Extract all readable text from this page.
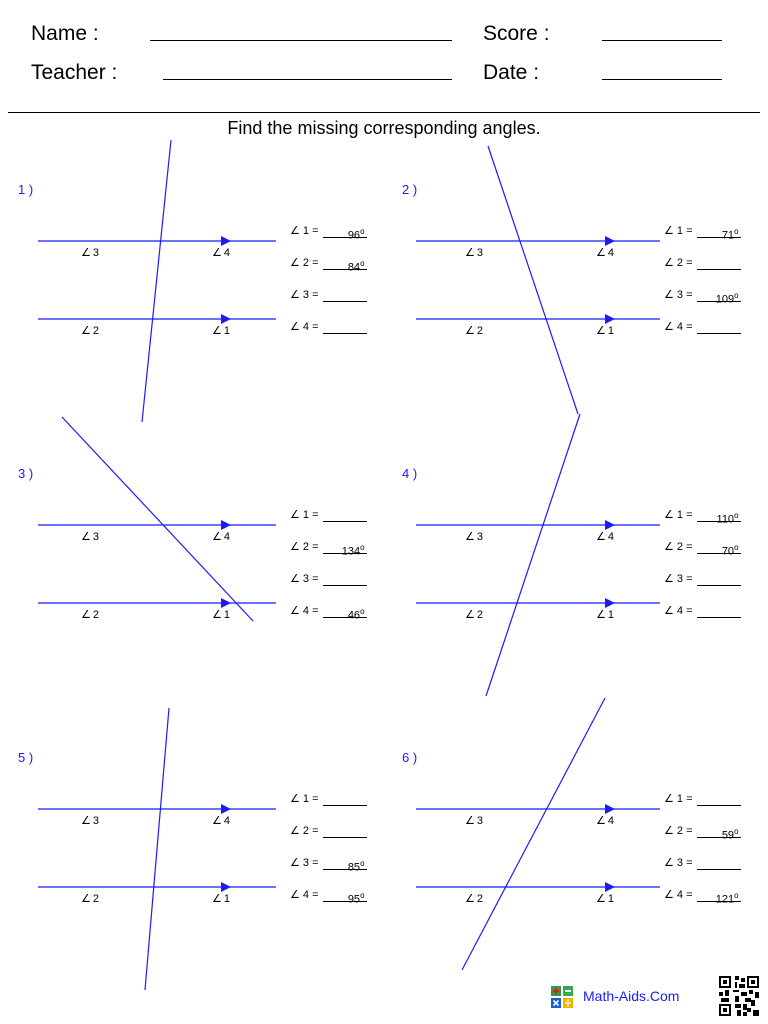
Name :
Teacher :
Score :
Date :
Find the missing corresponding angles.
1 )
∠ 3	∠ 4
∠ 2	∠ 1
∠ 1 =	$96^o$
∠ 2 =	$84^o$
∠ 3 =
∠ 4 =
2 )
∠ 3	∠ 4
∠ 2	∠ 1
∠ 1 =	$71^o$
∠ 2 =
∠ $3 = 109^o$
∠ 4 =
3 )
∠ 3	∠ 4
∠ 2	∠ 1
∠ 1 =
∠ $2 = 134^o$
∠ 3 =
∠ 4 =	$46^o$
4 )
∠ 3	∠ 4
∠ 2	∠ 1
∠ $1 = 110^o$
∠ 2 =	$70^o$
∠ 3 =
∠ 4 =
5 )
∠ 3	∠ 4
∠ 2	∠ 1
∠ 1 =
∠ 2 =
∠ 3 =	$85^o$
∠ 4 =	$95^o$
6 )
∠ 3	∠ 4
∠ 2	∠ 1
∠ 1 =
∠ 2 =	$59^o$
∠ 3 =
∠ $4 = 121^o$
Math-Aids.Com
